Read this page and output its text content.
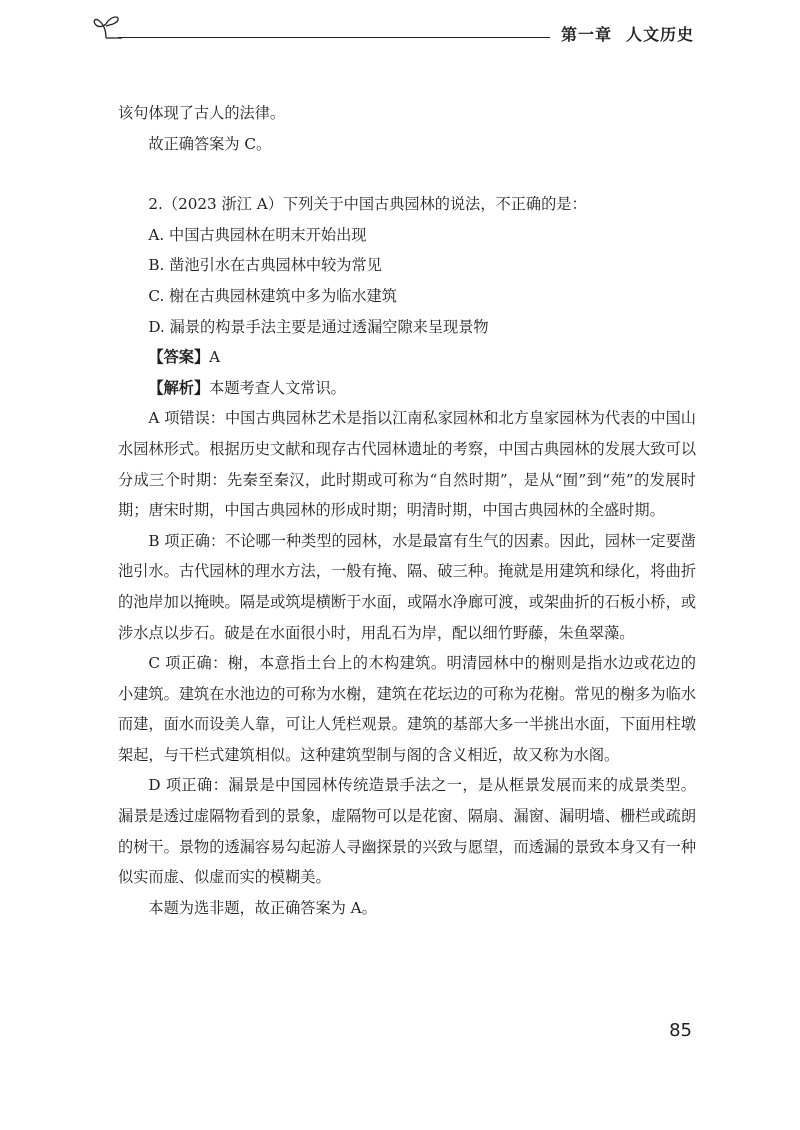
第一章 人文历史

该句体现了古人的法律。

故正确答案为 C。

2.（2023 浙江 A）下列关于中国古典园林的说法，不正确的是：

A. 中国古典园林在明末开始出现

B. 凿池引水在古典园林中较为常见

C. 榭在古典园林建筑中多为临水建筑

D. 漏景的构景手法主要是通过透漏空隙来呈现景物

【答案】A

【解析】本题考查人文常识。

A 项错误：中国古典园林艺术是指以江南私家园林和北方皇家园林为代表的中国山水园林形式。根据历史文献和现存古代园林遗址的考察，中国古典园林的发展大致可以分成三个时期：先秦至秦汉，此时期或可称为“自然时期”，是从“囿”到“苑”的发展时期；唐宋时期，中国古典园林的形成时期；明清时期，中国古典园林的全盛时期。

B 项正确：不论哪一种类型的园林，水是最富有生气的因素。因此，园林一定要凿池引水。古代园林的理水方法，一般有掩、隔、破三种。掩就是用建筑和绿化，将曲折的池岸加以掩映。隔是或筑堤横断于水面，或隔水净廊可渡，或架曲折的石板小桥，或涉水点以步石。破是在水面很小时，用乱石为岸，配以细竹野藤，朱鱼翠藻。

C 项正确：榭，本意指土台上的木构建筑。明清园林中的榭则是指水边或花边的小建筑。建筑在水池边的可称为水榭，建筑在花坛边的可称为花榭。常见的榭多为临水而建，面水而设美人靠，可让人凭栏观景。建筑的基部大多一半挑出水面，下面用柱墩架起，与干栏式建筑相似。这种建筑型制与阁的含义相近，故又称为水阁。

D 项正确：漏景是中国园林传统造景手法之一，是从框景发展而来的成景类型。漏景是透过虚隔物看到的景象，虚隔物可以是花窗、隔扇、漏窗、漏明墙、栅栏或疏朗的树干。景物的透漏容易勾起游人寻幽探景的兴致与愿望，而透漏的景致本身又有一种似实而虚、似虚而实的模糊美。

本题为选非题，故正确答案为 A。

85
